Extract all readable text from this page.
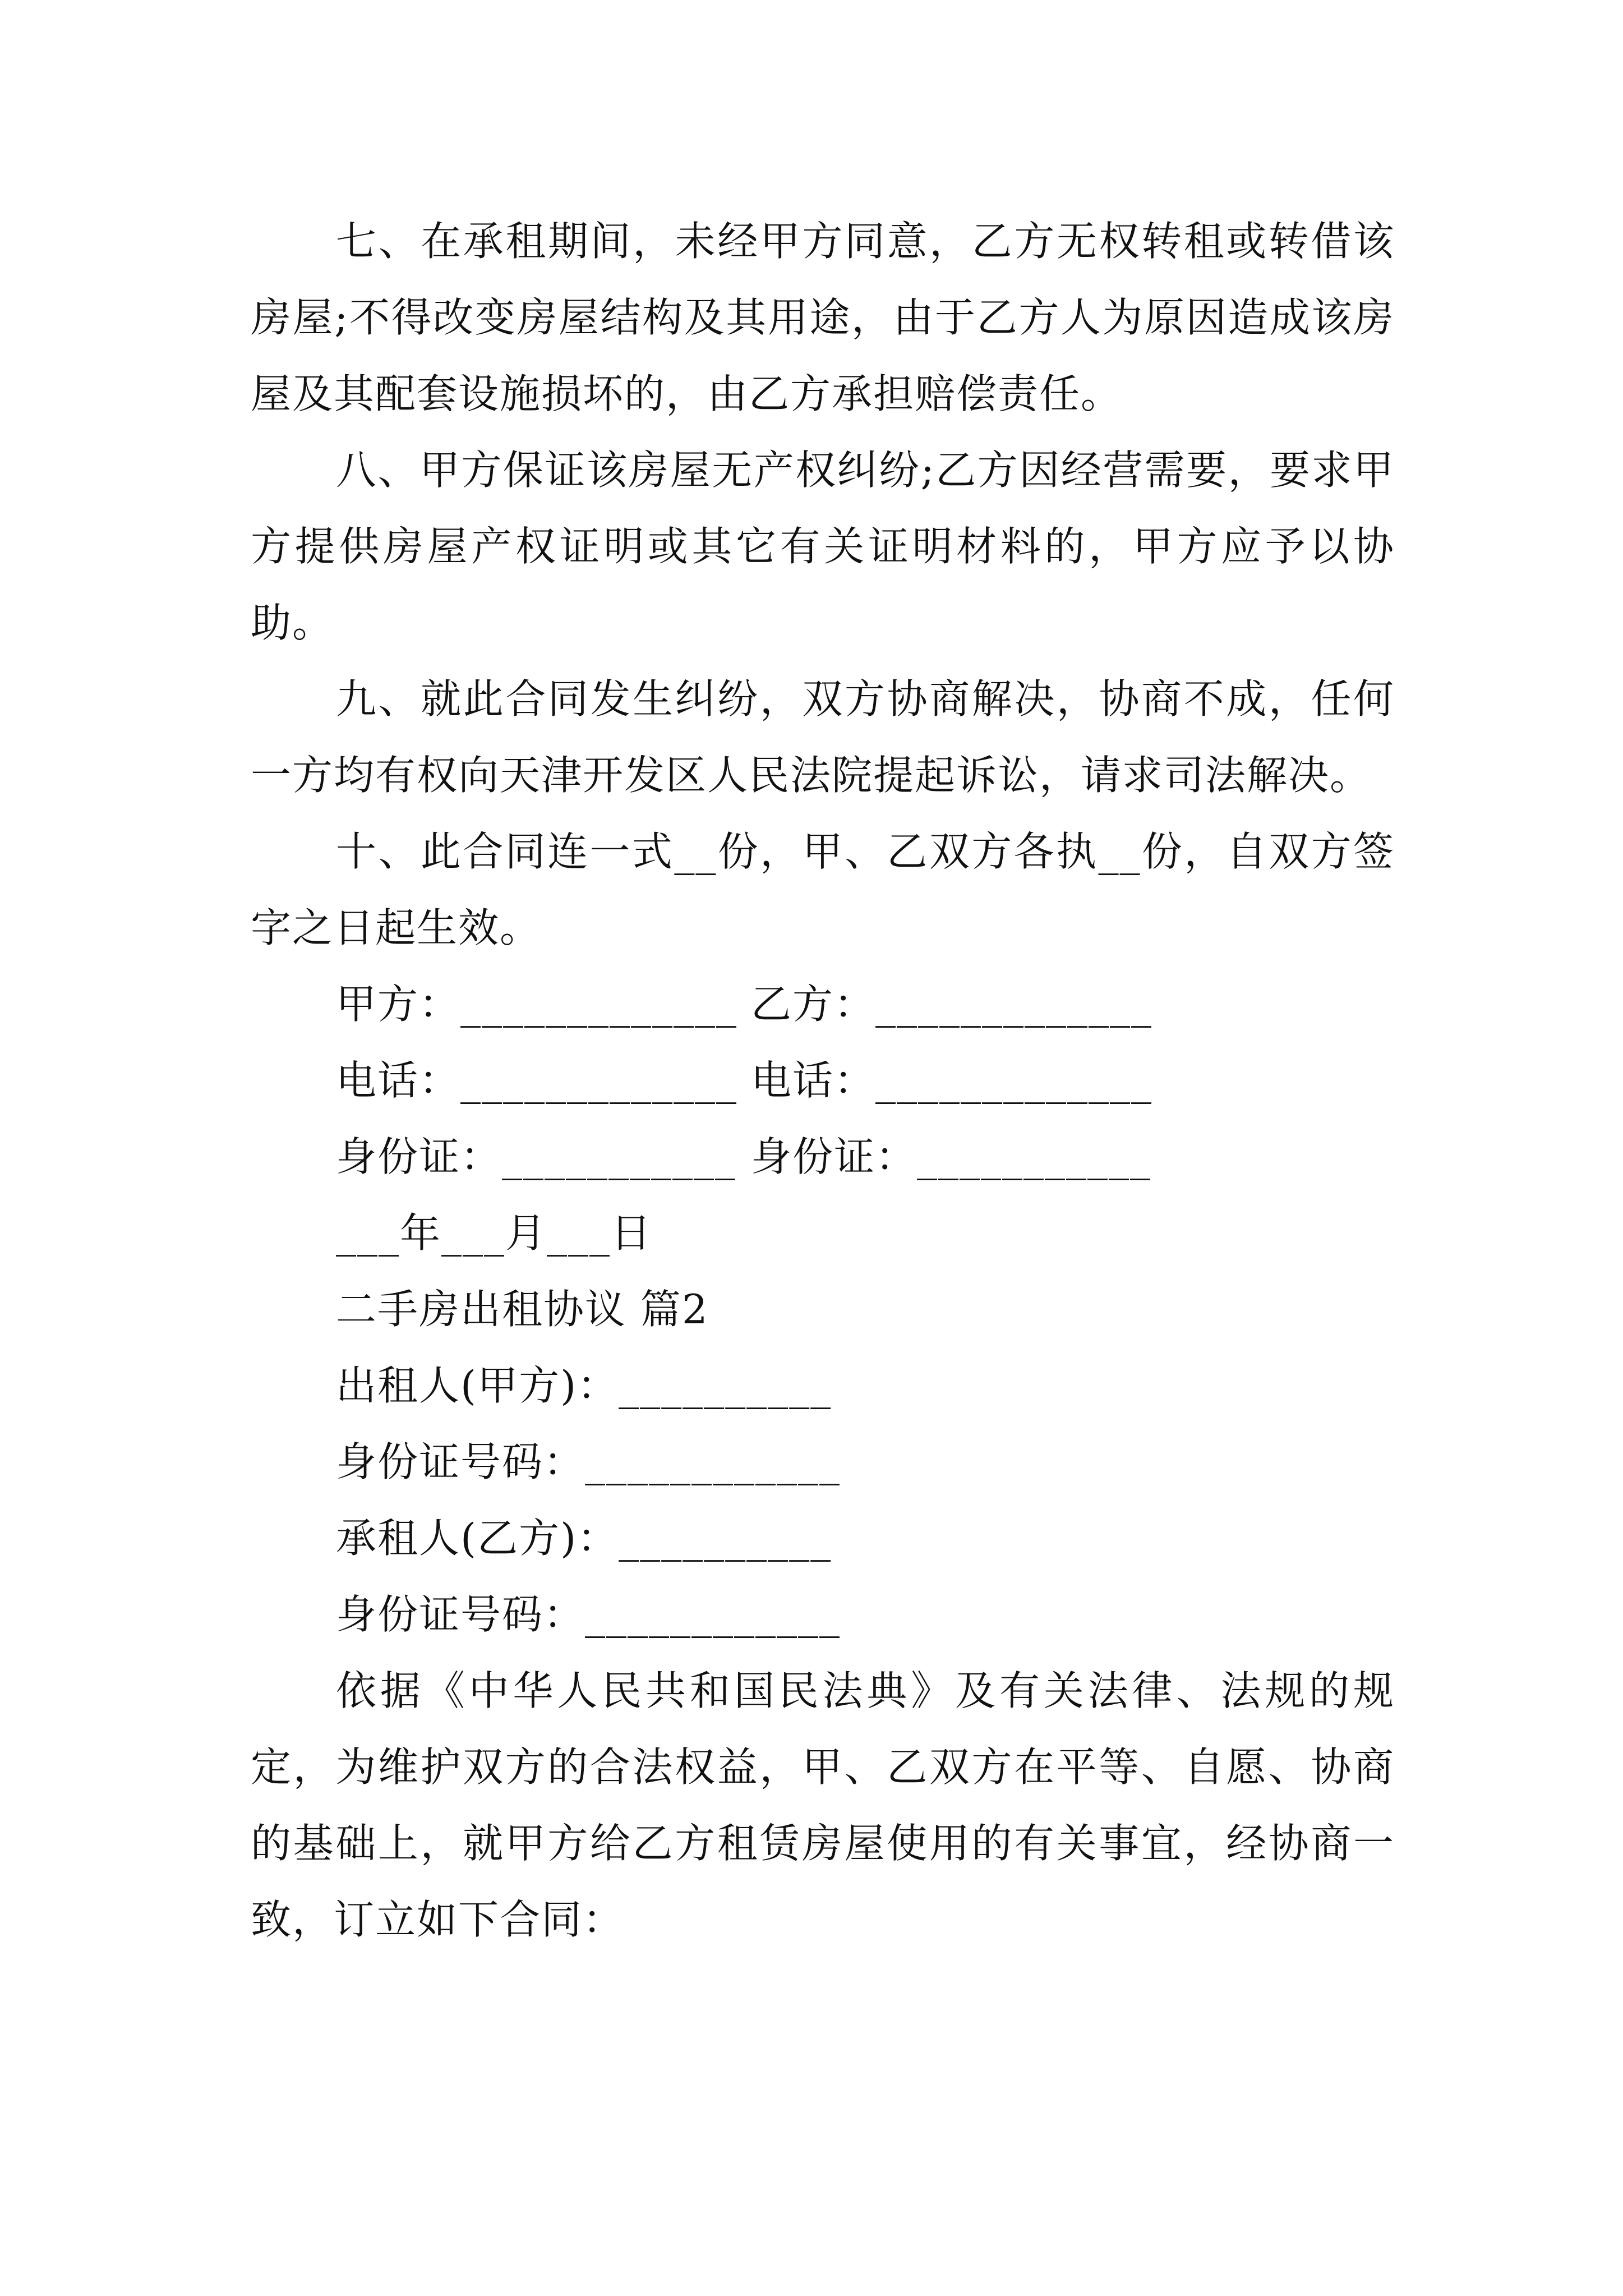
七、在承租期间，未经甲方同意，乙方无权转租或转借该房屋;不得改变房屋结构及其用途，由于乙方人为原因造成该房屋及其配套设施损坏的，由乙方承担赔偿责任。

八、甲方保证该房屋无产权纠纷;乙方因经营需要，要求甲方提供房屋产权证明或其它有关证明材料的，甲方应予以协助。

九、就此合同发生纠纷，双方协商解决，协商不成，任何一方均有权向天津开发区人民法院提起诉讼，请求司法解决。

十、此合同连一式__份，甲、乙双方各执__份，自双方签字之日起生效。

甲方：_____________ 乙方：_____________
电话：_____________ 电话：_____________
身份证：___________ 身份证：___________

___年___月___日

二手房出租协议 篇2

出租人(甲方)：__________

身份证号码：____________

承租人(乙方)：__________

身份证号码：____________

依据《中华人民共和国民法典》及有关法律、法规的规定，为维护双方的合法权益，甲、乙双方在平等、自愿、协商的基础上，就甲方给乙方租赁房屋使用的有关事宜，经协商一致，订立如下合同：
